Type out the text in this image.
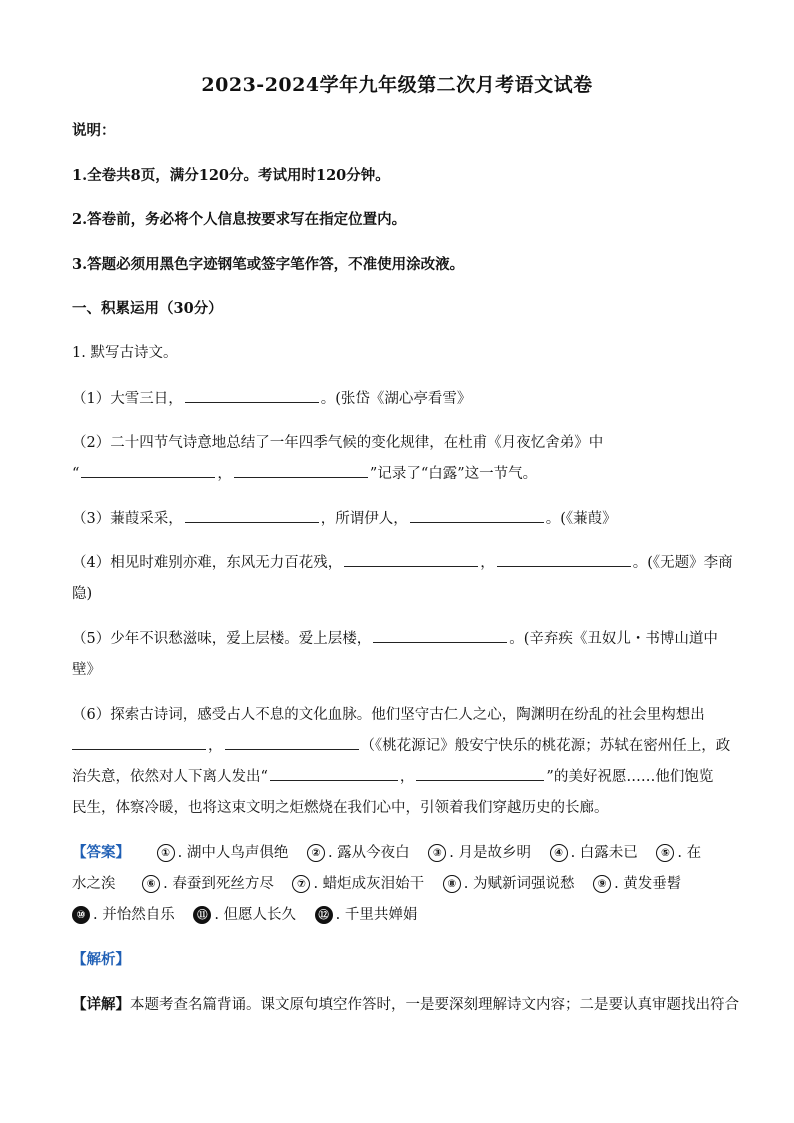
2023-2024学年九年级第二次月考语文试卷
说明：
1.全卷共8页，满分120分。考试用时120分钟。
2.答卷前，务必将个人信息按要求写在指定位置内。
3.答题必须用黑色字迹钢笔或签字笔作答，不准使用涂改液。
一、积累运用（30分）
1. 默写古诗文。
（1）大雪三日，	。(张岱《湖心亭看雪》
（2）二十四节气诗意地总结了一年四季气候的变化规律，在杜甫《月夜忆舍弟》中
“	，	”记录了“白露”这一节气。
（3）蒹葭采采，	，所谓伊人，	。(《蒹葭》
（4）相见时难别亦难，东风无力百花残，	，	。(《无题》李商
隐)
（5）少年不识愁滋味，爱上层楼。爱上层楼，	。(辛弃疾《丑奴儿・书博山道中
壁》
（6）探索古诗词，感受占人不息的文化血脉。他们坚守古仁人之心，陶渊明在纷乱的社会里构想出
，	（《桃花源记》般安宁快乐的桃花源；苏轼在密州任上，政
治失意，依然对人下离人发出“	，	”的美好祝愿……他们饱览
民生，体察冷暖，也将这束文明之炬燃烧在我们心中，引领着我们穿越历史的长廊。
【答案】	① . 湖中人鸟声俱绝 ② . 露从今夜白 ③ . 月是故乡明 ④ . 白露未已 ⑤ . 在
水之涘	⑥ . 春蚕到死丝方尽 ⑦ . 蜡炬成灰泪始干 ⑧ . 为赋新词强说愁 ⑨ . 黄发垂髫
⑩ . 并怡然自乐 ⑪ . 但愿人长久 ⑫ . 千里共婵娟
【解析】
【详解】本题考查名篇背诵。课文原句填空作答时，一是要深刻理解诗文内容；二是要认真审题找出符合
